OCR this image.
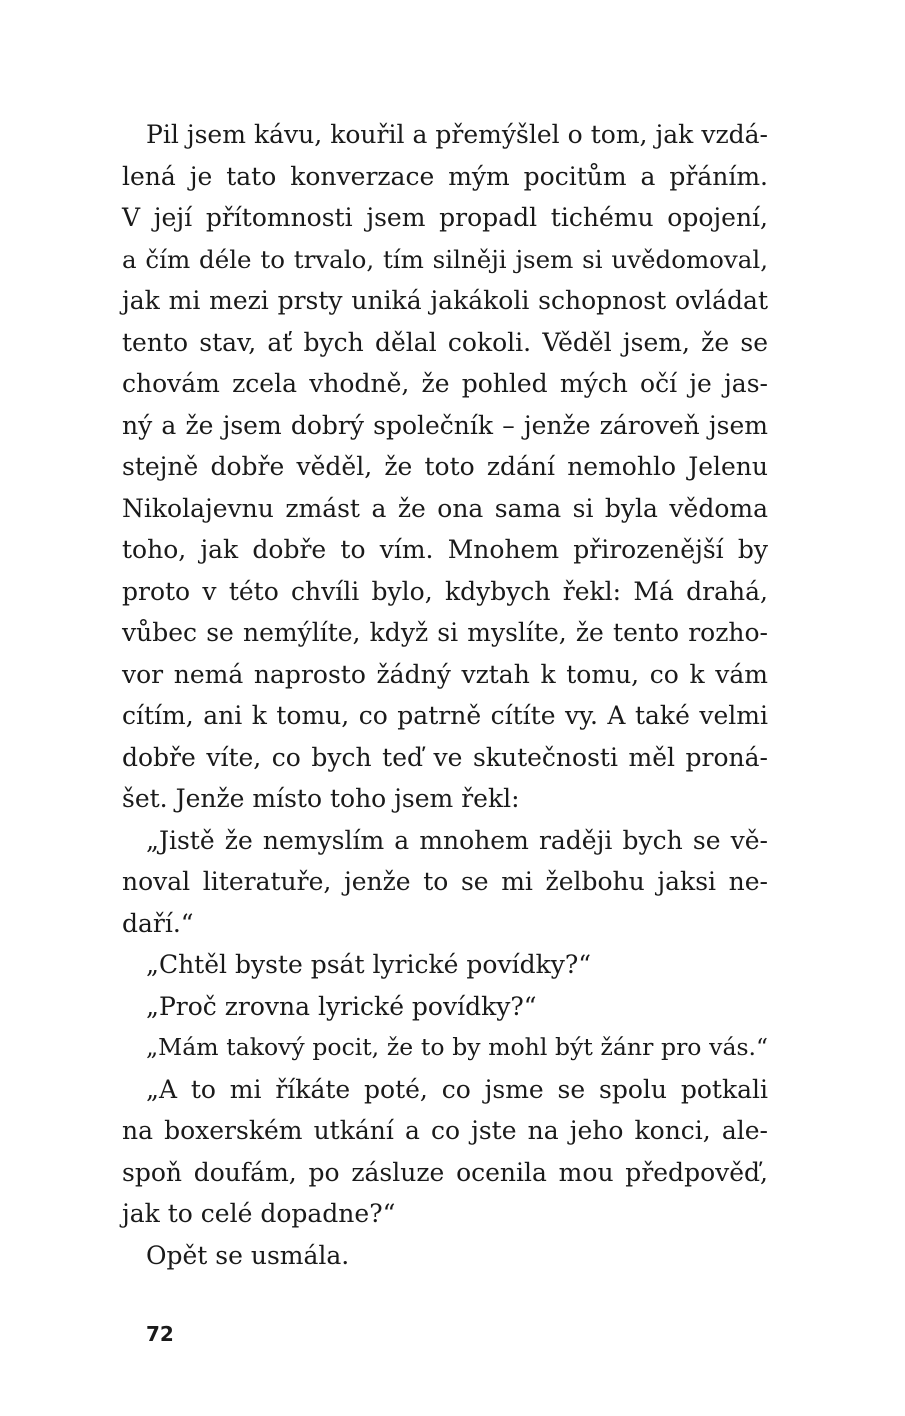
Pil jsem kávu, kouřil a přemýšlel o tom, jak vzdá-
lená je tato konverzace mým pocitům a přáním.
V její přítomnosti jsem propadl tichému opojení,
a čím déle to trvalo, tím silněji jsem si uvědomoval,
jak mi mezi prsty uniká jakákoli schopnost ovládat
tento stav, ať bych dělal cokoli. Věděl jsem, že se
chovám zcela vhodně, že pohled mých očí je jas-
ný a že jsem dobrý společník – jenže zároveň jsem
stejně dobře věděl, že toto zdání nemohlo Jelenu
Nikolajevnu zmást a že ona sama si byla vědoma
toho, jak dobře to vím. Mnohem přirozenější by
proto v této chvíli bylo, kdybych řekl: Má drahá,
vůbec se nemýlíte, když si myslíte, že tento rozho-
vor nemá naprosto žádný vztah k tomu, co k vám
cítím, ani k tomu, co patrně cítíte vy. A také velmi
dobře víte, co bych teď ve skutečnosti měl proná-
šet. Jenže místo toho jsem řekl:
„Jistě že nemyslím a mnohem raději bych se vě-
noval literatuře, jenže to se mi želbohu jaksi ne-
daří.“
„Chtěl byste psát lyrické povídky?“
„Proč zrovna lyrické povídky?“
„Mám takový pocit, že to by mohl být žánr pro vás.“
„A to mi říkáte poté, co jsme se spolu potkali
na boxerském utkání a co jste na jeho konci, ale-
spoň doufám, po zásluze ocenila mou předpověď,
jak to celé dopadne?“
Opět se usmála.
72
